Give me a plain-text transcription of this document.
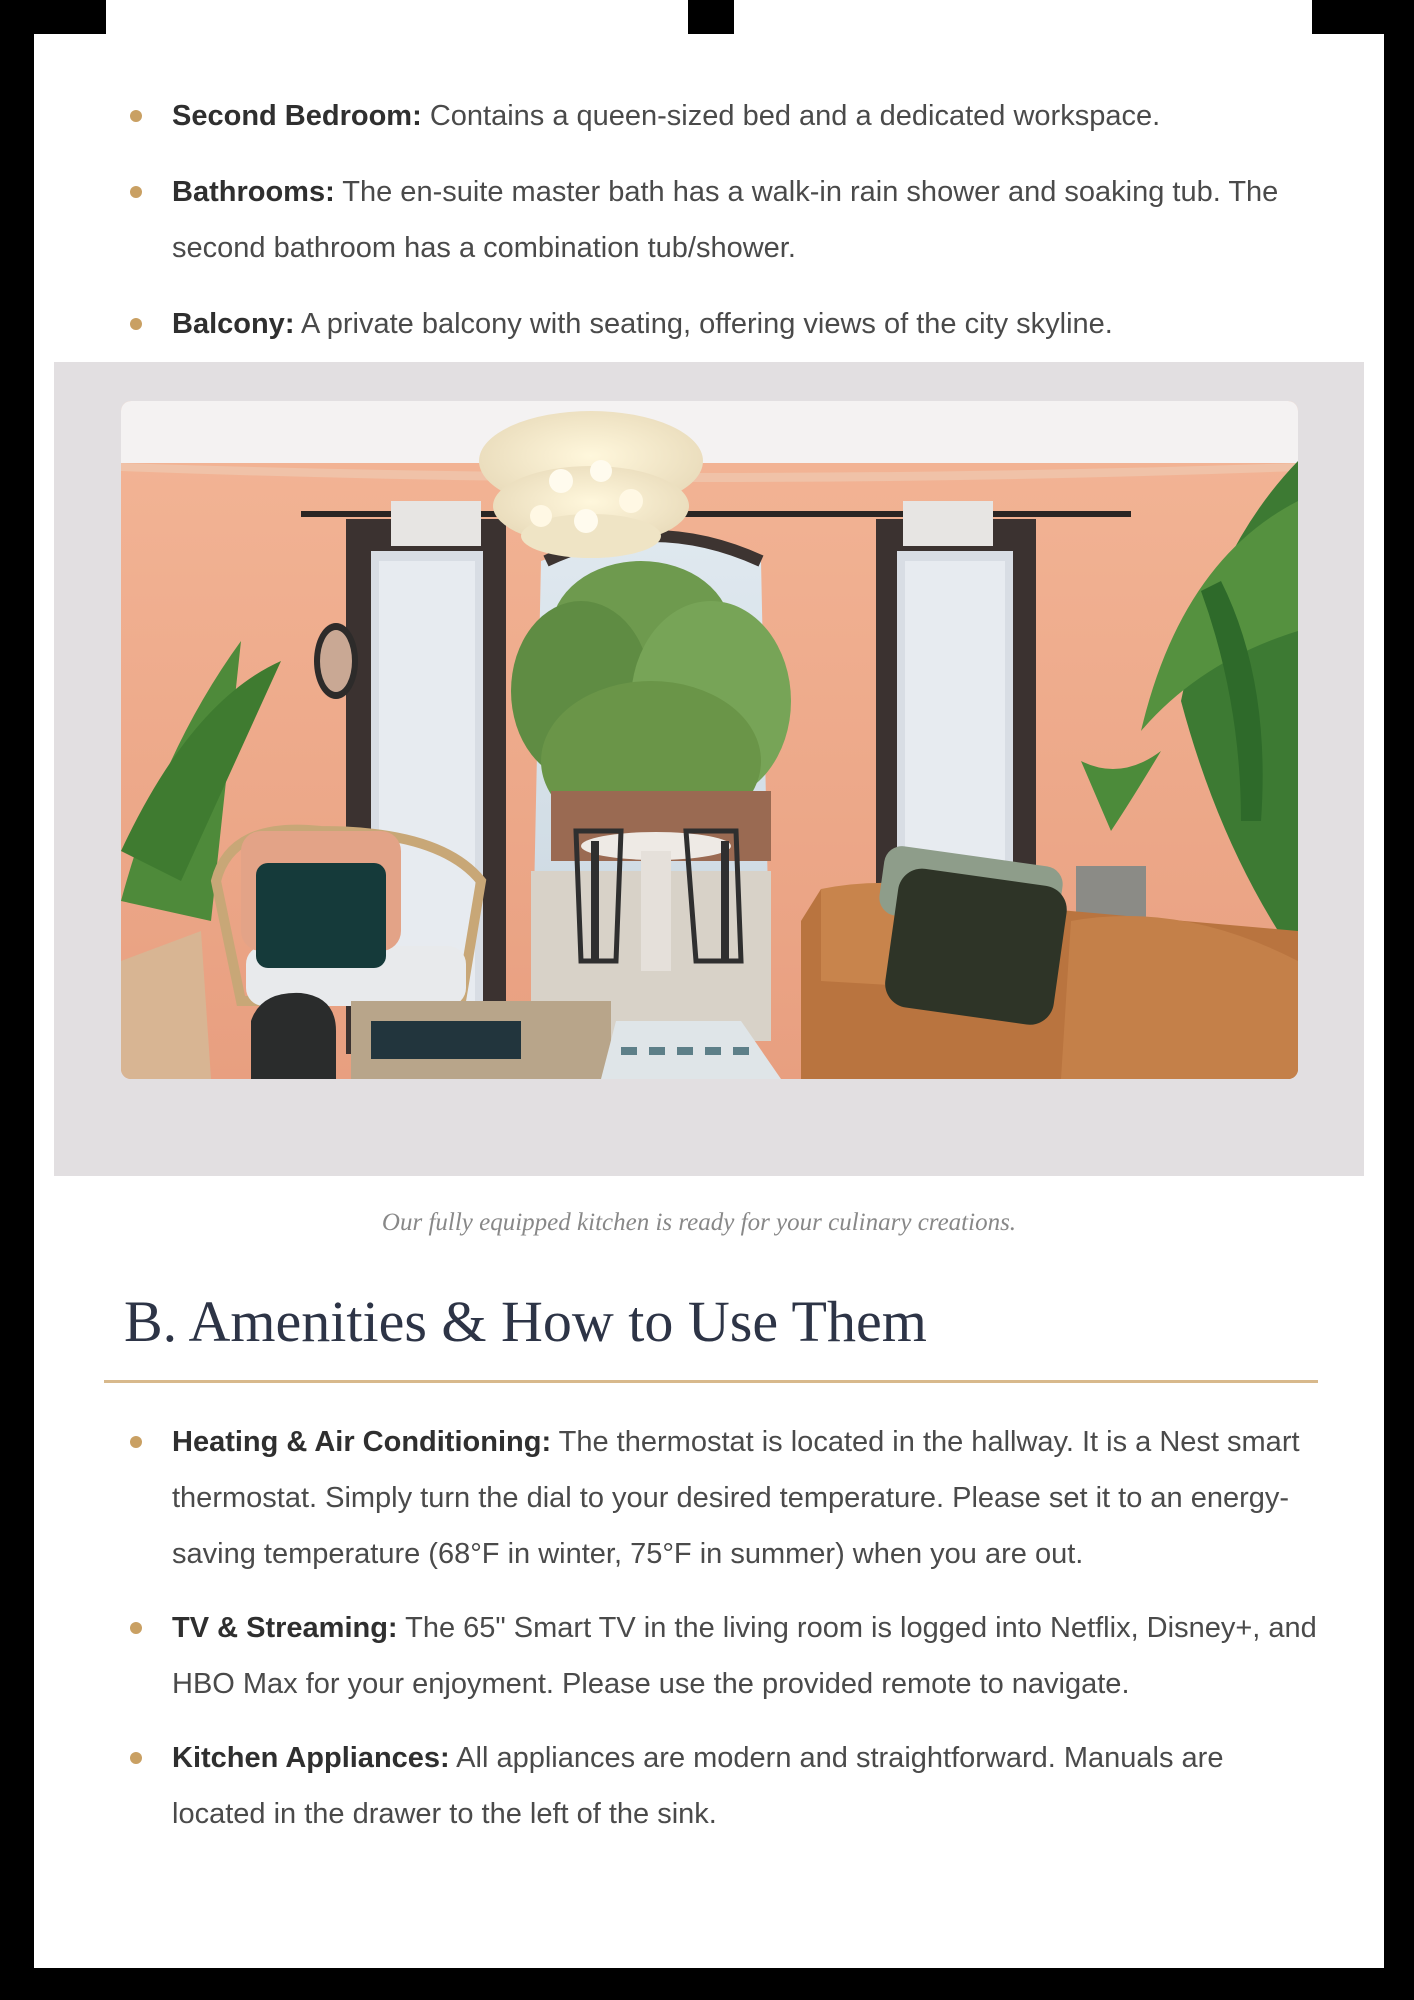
Second Bedroom: Contains a queen-sized bed and a dedicated workspace.
Bathrooms: The en-suite master bath has a walk-in rain shower and soaking tub. The second bathroom has a combination tub/shower.
Balcony: A private balcony with seating, offering views of the city skyline.
Our fully equipped kitchen is ready for your culinary creations.
B. Amenities & How to Use Them
Heating & Air Conditioning: The thermostat is located in the hallway. It is a Nest smart thermostat. Simply turn the dial to your desired temperature. Please set it to an energy-saving temperature (68°F in winter, 75°F in summer) when you are out.
TV & Streaming: The 65" Smart TV in the living room is logged into Netflix, Disney+, and HBO Max for your enjoyment. Please use the provided remote to navigate.
Kitchen Appliances: All appliances are modern and straightforward. Manuals are located in the drawer to the left of the sink.
